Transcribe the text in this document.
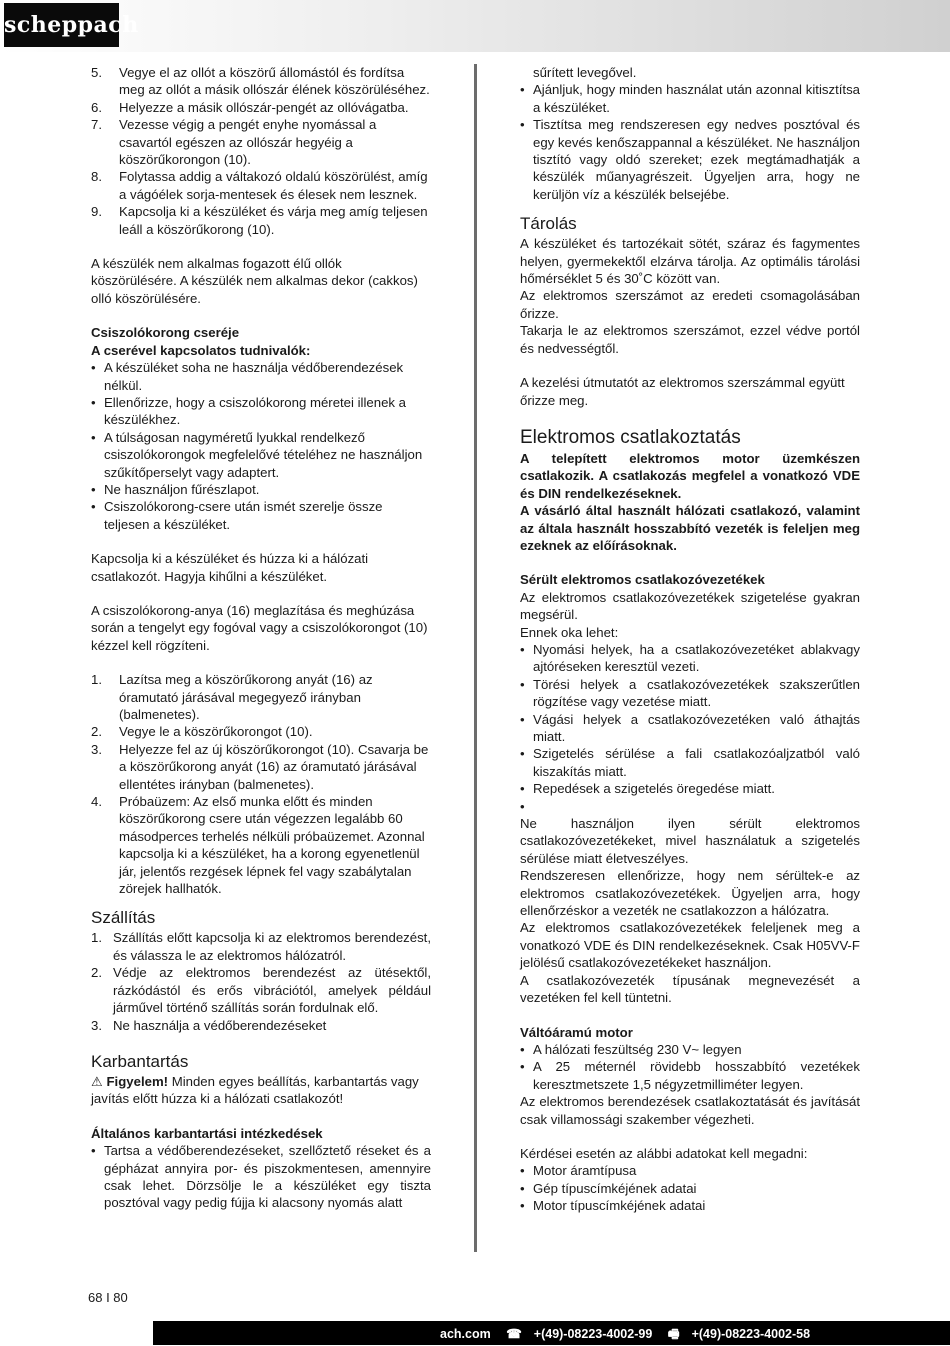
scheppach
5.	Vegye el az ollót a köszörű állomástól és fordítsa meg az ollót a másik ollószár élének köszörüléséhez.
6.	Helyezze a másik ollószár-pengét az ollóvágatba.
7.	Vezesse végig a pengét enyhe nyomással a csavartól egészen az ollószár hegyéig a köszörűkorongon (10).
8.	Folytassa addig a váltakozó oldalú köszörülést, amíg a vágóélek sorja-mentesek és élesek nem lesznek.
9.	Kapcsolja ki a készüléket és várja meg amíg teljesen leáll a köszörűkorong (10).

A készülék nem alkalmas fogazott élű ollók köszörülésére. A készülék nem alkalmas dekor (cakkos) olló köszörülésére.

Csiszolókorong cseréje

A cserével kapcsolatos tudnivalók:

• A készüléket soha ne használja védőberendezések nélkül.
• Ellenőrizze, hogy a csiszolókorong méretei illenek a készülékhez.
• A túlságosan nagyméretű lyukkal rendelkező csiszolókorongok megfelelővé tételéhez ne használjon szűkítőperselyt vagy adaptert.
• Ne használjon fűrészlapot.
• Csiszolókorong-csere után ismét szerelje össze teljesen a készüléket.

Kapcsolja ki a készüléket és húzza ki a hálózati csatlakozót. Hagyja kihűlni a készüléket.

A csiszolókorong-anya (16) meglazítása és meghúzása során a tengelyt egy fogóval vagy a csiszolókorongot (10) kézzel kell rögzíteni.

1.	Lazítsa meg a köszörűkorong anyát (16) az óramutató járásával megegyező irányban (balmenetes).
2.	Vegye le a köszörűkorongot (10).
3.	Helyezze fel az új köszörűkorongot (10). Csavarja be a köszörűkorong anyát (16) az óramutató járásával ellentétes irányban (balmenetes).
4.	Próbaüzem: Az első munka előtt és minden köszörűkorong csere után végezzen legalább 60 másodperces terhelés nélküli próbaüzemet. Azonnal kapcsolja ki a készüléket, ha a korong egyenetlenül jár, jelentős rezgések lépnek fel vagy szabálytalan zörejek hallhatók.
Szállítás
1. Szállítás előtt kapcsolja ki az elektromos berendezést, és válassza le az elektromos hálózatról.
2. Védje az elektromos berendezést az ütésektől, rázkódástól és erős vibrációtól, amelyek például járművel történő szállítás során fordulnak elő.
3. Ne használja a védőberendezéseket
Karbantartás

⚠ Figyelem! Minden egyes beállítás, karbantartás vagy javítás előtt húzza ki a hálózati csatlakozót!

Általános karbantartási intézkedések

• Tartsa a védőberendezéseket, szellőztető réseket és a gépházat annyira por- és piszokmentesen, amennyire csak lehet. Dörzsölje le a készüléket egy tiszta posztóval vagy pedig fújja ki alacsony nyomás alatt

sűrített levegővel.

• Ajánljuk, hogy minden használat után azonnal kitisztítsa a készüléket.
• Tisztítsa meg rendszeresen egy nedves posztóval és egy kevés kenőszappannal a készüléket. Ne használjon tisztító vagy oldó szereket; ezek megtámadhatják a készülék műanyagrészeit. Ügyeljen arra, hogy ne kerüljön víz a készülék belsejébe.
Tárolás

A készüléket és tartozékait sötét, száraz és fagymentes helyen, gyermekektől elzárva tárolja. Az optimális tárolási hőmérséklet 5 és 30˚C között van.

Az elektromos szerszámot az eredeti csomagolásában őrizze.

Takarja le az elektromos szerszámot, ezzel védve portól és nedvességtől.

A kezelési útmutatót az elektromos szerszámmal együtt őrizze meg.

Elektromos csatlakoztatás

A telepített elektromos motor üzemkészen csatlakozik. A csatlakozás megfelel a vonatkozó VDE és DIN rendelkezéseknek.

A vásárló által használt hálózati csatlakozó, valamint az általa használt hosszabbító vezeték is feleljen meg ezeknek az előírásoknak.

Sérült elektromos csatlakozóvezetékek

Az elektromos csatlakozóvezetékek szigetelése gyakran megsérül.

Ennek oka lehet:

• Nyomási helyek, ha a csatlakozóvezetéket ablakvagy ajtóréseken keresztül vezeti.
• Törési helyek a csatlakozóvezetékek szakszerűtlen rögzítése vagy vezetése miatt.
• Vágási helyek a csatlakozóvezetéken való áthajtás miatt.
• Szigetelés sérülése a fali csatlakozóaljzatból való kiszakítás miatt.
• Repedések a szigetelés öregedése miatt.
•

Ne használjon ilyen sérült elektromos csatlakozóvezetékeket, mivel használatuk a szigetelés sérülése miatt életveszélyes.

Rendszeresen ellenőrizze, hogy nem sérültek-e az elektromos csatlakozóvezetékek. Ügyeljen arra, hogy ellenőrzéskor a vezeték ne csatlakozzon a hálózatra.

Az elektromos csatlakozóvezetékek feleljenek meg a vonatkozó VDE és DIN rendelkezéseknek. Csak H05VV-F jelölésű csatlakozóvezetékeket használjon.

A csatlakozóvezeték típusának megnevezését a vezetéken fel kell tüntetni.

Váltóáramú motor

• A hálózati feszültség 230 V~ legyen
• A 25 méternél rövidebb hosszabbító vezetékek keresztmetszete 1,5 négyzetmilliméter legyen.

Az elektromos berendezések csatlakoztatását és javítását csak villamossági szakember végezheti.

Kérdései esetén az alábbi adatokat kell megadni:

• Motor áramtípusa
• Gép típuscímkéjének adatai
• Motor típuscímkéjének adatai
68 I 80
ach.com ☎ +(49)-08223-4002-99 🖷 +(49)-08223-4002-58
